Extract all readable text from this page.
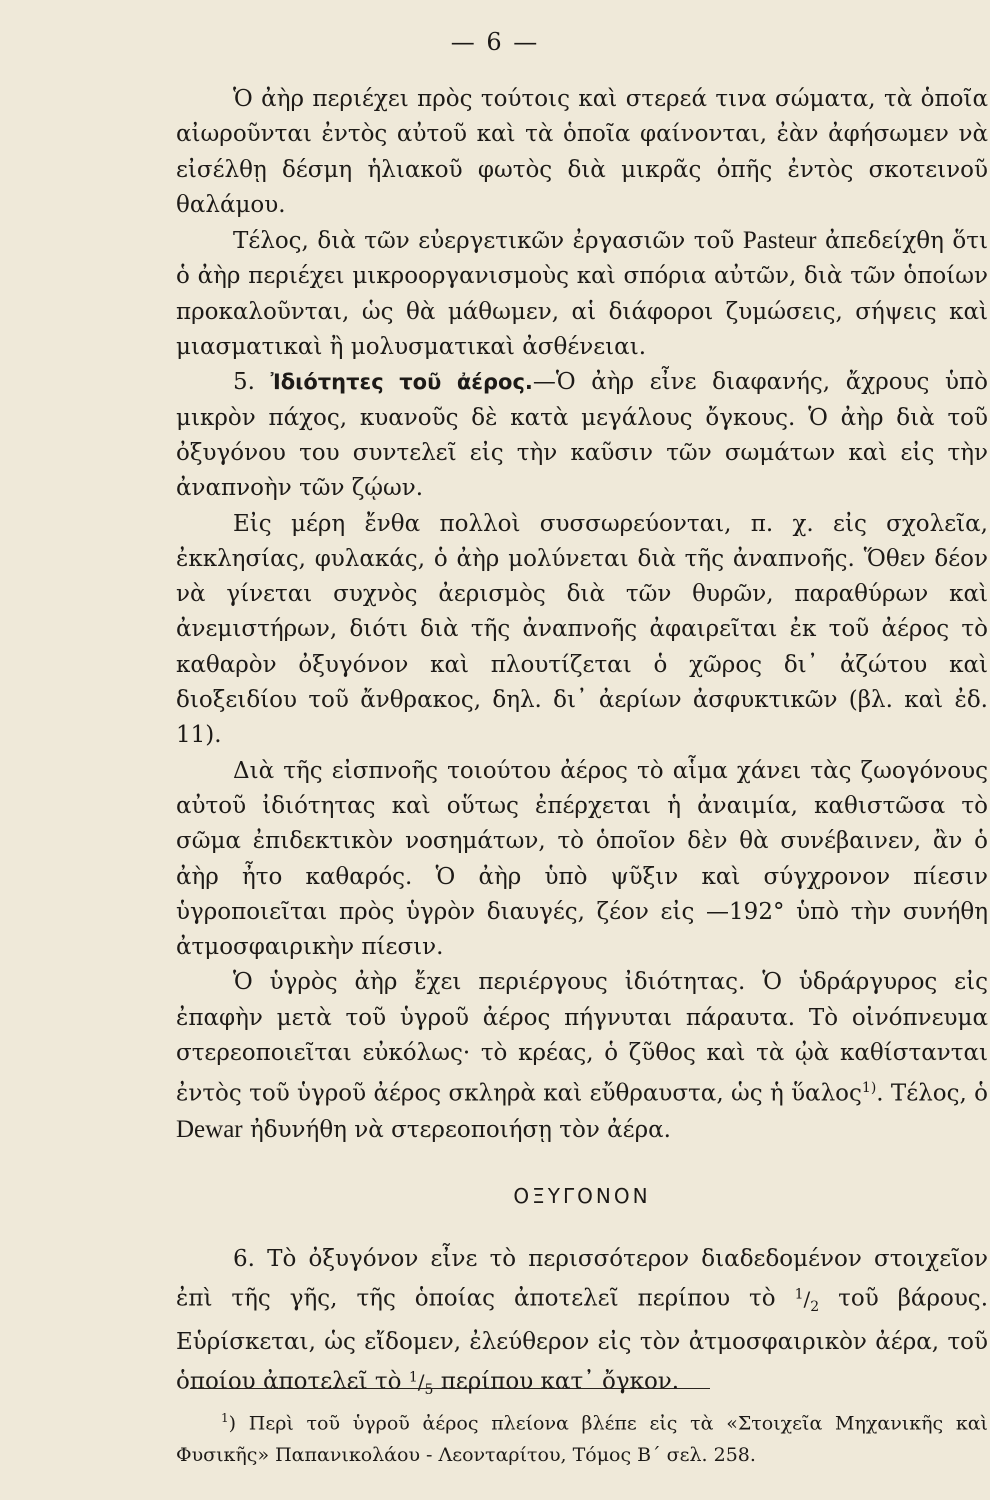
— 6 —

Ὁ ἀὴρ περιέχει πρὸς τούτοις καὶ στερεά τινα σώματα, τὰ ὁποῖα αἰωροῦνται ἐντὸς αὐτοῦ καὶ τὰ ὁποῖα φαίνονται, ἐὰν ἀφήσωμεν νὰ εἰσέλθῃ δέσμη ἡλιακοῦ φωτὸς διὰ μικρᾶς ὀπῆς ἐντὸς σκοτεινοῦ θαλάμου.

Τέλος, διὰ τῶν εὐεργετικῶν ἐργασιῶν τοῦ Pasteur ἀπεδείχθη ὅτι ὁ ἀὴρ περιέχει μικροοργανισμοὺς καὶ σπόρια αὐτῶν, διὰ τῶν ὁποίων προκαλοῦνται, ὡς θὰ μάθωμεν, αἱ διάφοροι ζυμώσεις, σήψεις καὶ μιασματικαὶ ἢ μολυσματικαὶ ἀσθένειαι.

5. Ἰδιότητες τοῦ ἀέρος.—Ὁ ἀὴρ εἶνε διαφανής, ἄχρους ὑπὸ μικρὸν πάχος, κυανοῦς δὲ κατὰ μεγάλους ὄγκους. Ὁ ἀὴρ διὰ τοῦ ὀξυγόνου του συντελεῖ εἰς τὴν καῦσιν τῶν σωμάτων καὶ εἰς τὴν ἀναπνοὴν τῶν ζῴων.

Εἰς μέρη ἔνθα πολλοὶ συσσωρεύονται, π. χ. εἰς σχολεῖα, ἐκκλησίας, φυλακάς, ὁ ἀὴρ μολύνεται διὰ τῆς ἀναπνοῆς. Ὅθεν δέον νὰ γίνεται συχνὸς ἀερισμὸς διὰ τῶν θυρῶν, παραθύρων καὶ ἀνεμιστήρων, διότι διὰ τῆς ἀναπνοῆς ἀφαιρεῖται ἐκ τοῦ ἀέρος τὸ καθαρὸν ὀξυγόνον καὶ πλουτίζεται ὁ χῶρος δι᾽ ἀζώτου καὶ διοξειδίου τοῦ ἄνθρακος, δηλ. δι᾽ ἀερίων ἀσφυκτικῶν (βλ. καὶ ἐδ. 11).

Διὰ τῆς εἰσπνοῆς τοιούτου ἀέρος τὸ αἷμα χάνει τὰς ζωογόνους αὐτοῦ ἰδιότητας καὶ οὕτως ἐπέρχεται ἡ ἀναιμία, καθιστῶσα τὸ σῶμα ἐπιδεκτικὸν νοσημάτων, τὸ ὁποῖον δὲν θὰ συνέβαινεν, ἂν ὁ ἀὴρ ἦτο καθαρός. Ὁ ἀὴρ ὑπὸ ψῦξιν καὶ σύγχρονον πίεσιν ὑγροποιεῖται πρὸς ὑγρὸν διαυγές, ζέον εἰς —192° ὑπὸ τὴν συνήθη ἀτμοσφαιρικὴν πίεσιν.

Ὁ ὑγρὸς ἀὴρ ἔχει περιέργους ἰδιότητας. Ὁ ὑδράργυρος εἰς ἐπαφὴν μετὰ τοῦ ὑγροῦ ἀέρος πήγνυται πάραυτα. Τὸ οἰνόπνευμα στερεοποιεῖται εὐκόλως· τὸ κρέας, ὁ ζῦθος καὶ τὰ ᾠὰ καθίστανται ἐντὸς τοῦ ὑγροῦ ἀέρος σκληρὰ καὶ εὔθραυστα, ὡς ἡ ὕαλος$^{1)}$. Τέλος, ὁ Dewar ἠδυνήθη νὰ στερεοποιήσῃ τὸν ἀέρα.

ΟΞΥΓΟΝΟΝ

6. Τὸ ὀξυγόνον εἶνε τὸ περισσότερον διαδεδομένον στοιχεῖον ἐπὶ τῆς γῆς, τῆς ὁποίας ἀποτελεῖ περίπου τὸ $^1/_2$ τοῦ βάρους. Εὑρίσκεται, ὡς εἴδομεν, ἐλεύθερον εἰς τὸν ἀτμοσφαιρικὸν ἀέρα, τοῦ ὁποίου ἀποτελεῖ τὸ $^1/_5$ περίπου κατ᾽ ὄγκον.

$^1$) Περὶ τοῦ ὑγροῦ ἀέρος πλείονα βλέπε εἰς τὰ «Στοιχεῖα Μηχανικῆς καὶ Φυσικῆς» Παπανικολάου - Λεονταρίτου, Τόμος Β´ σελ. 258.
